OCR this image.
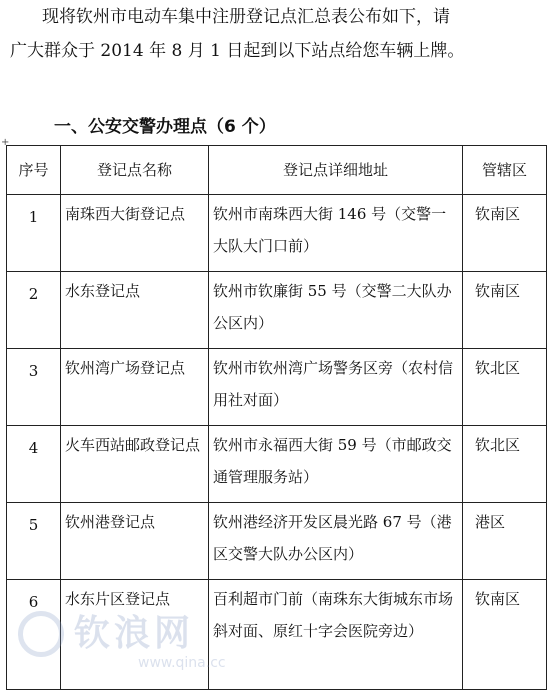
现将钦州市电动车集中注册登记点汇总表公布如下，请
广大群众于 2014 年 8 月 1 日起到以下站点给您车辆上牌。
一、公安交警办理点（6 个）
+
序号	登记点名称	登记点详细地址	管辖区
1	南珠西大街登记点	钦州市南珠西大街 146 号（交警一大队大门口前）	钦南区
2	水东登记点	钦州市钦廉街 55 号（交警二大队办公区内）	钦南区
3	钦州湾广场登记点	钦州市钦州湾广场警务区旁（农村信用社对面）	钦北区
4	火车西站邮政登记点	钦州市永福西大街 59 号（市邮政交通管理服务站）	钦北区
5	钦州港登记点	钦州港经济开发区晨光路 67 号（港区交警大队办公区内）	港区
6	水东片区登记点	百利超市门前（南珠东大街城东市场斜对面、原红十字会医院旁边）	钦南区
钦浪网
www.qina.cc
